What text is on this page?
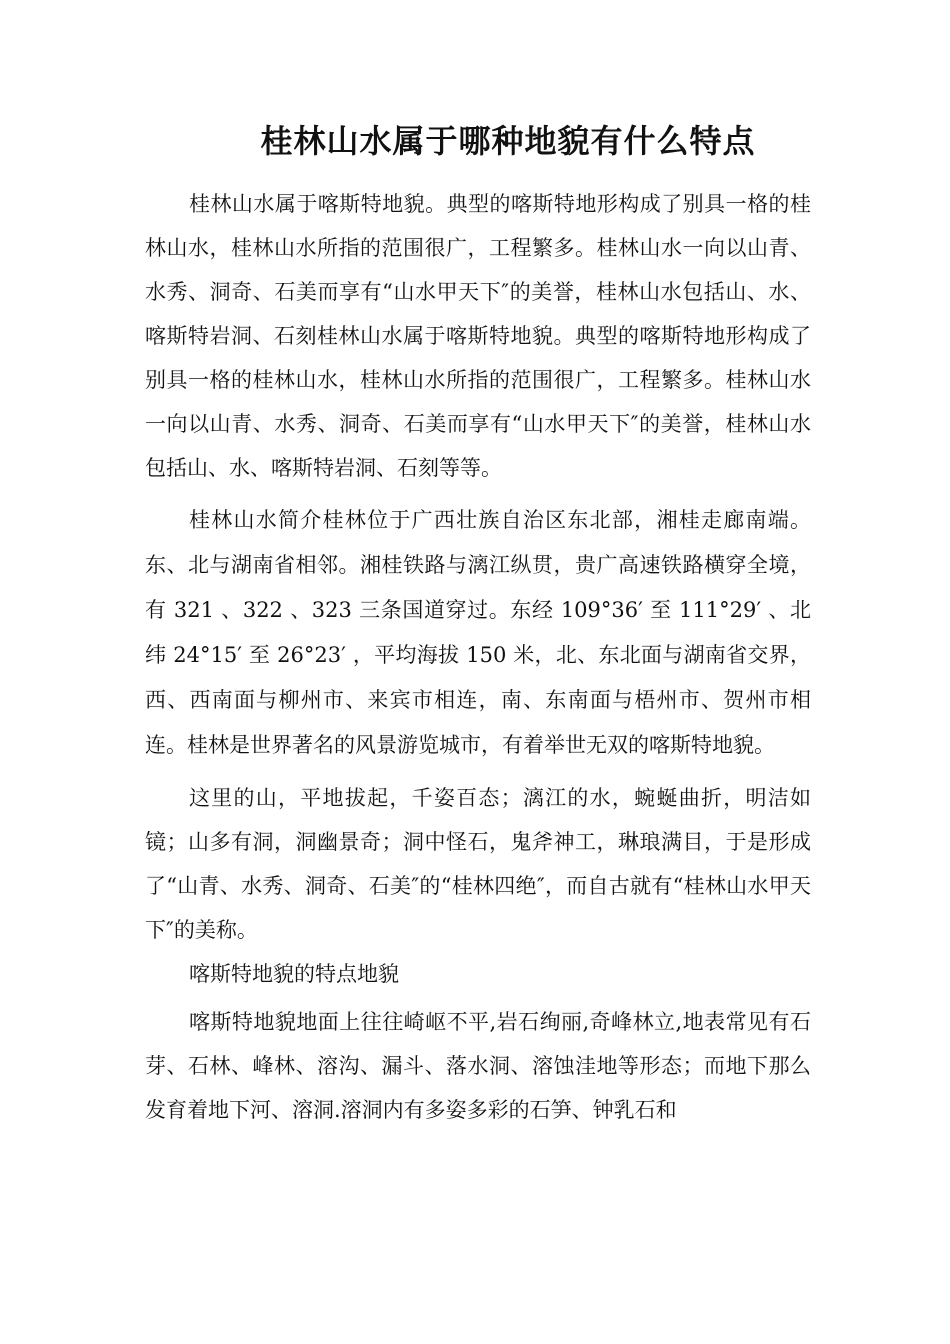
桂林山水属于哪种地貌有什么特点

桂林山水属于喀斯特地貌。典型的喀斯特地形构成了别具一格的桂林山水，桂林山水所指的范围很广，工程繁多。桂林山水一向以山青、水秀、洞奇、石美而享有“山水甲天下″的美誉，桂林山水包括山、水、喀斯特岩洞、石刻桂林山水属于喀斯特地貌。典型的喀斯特地形构成了别具一格的桂林山水，桂林山水所指的范围很广，工程繁多。桂林山水一向以山青、水秀、洞奇、石美而享有“山水甲天下″的美誉，桂林山水包括山、水、喀斯特岩洞、石刻等等。

桂林山水简介桂林位于广西壮族自治区东北部，湘桂走廊南端。东、北与湖南省相邻。湘桂铁路与漓江纵贯，贵广高速铁路横穿全境，有 321 、322 、323 三条国道穿过。东经 109°36′ 至 111°29′ 、北纬 24°15′ 至 26°23′ ，平均海拔 150 米，北、东北面与湖南省交界，西、西南面与柳州市、来宾市相连，南、东南面与梧州市、贺州市相连。桂林是世界著名的风景游览城市，有着举世无双的喀斯特地貌。

这里的山，平地拔起，千姿百态；漓江的水，蜿蜒曲折，明洁如镜；山多有洞，洞幽景奇；洞中怪石，鬼斧神工，琳琅满目，于是形成了“山青、水秀、洞奇、石美″的“桂林四绝″，而自古就有“桂林山水甲天下″的美称。

喀斯特地貌的特点地貌

喀斯特地貌地面上往往崎岖不平,岩石绚丽,奇峰林立,地表常见有石芽、石林、峰林、溶沟、漏斗、落水洞、溶蚀洼地等形态；而地下那么发育着地下河、溶洞.溶洞内有多姿多彩的石笋、钟乳石和
